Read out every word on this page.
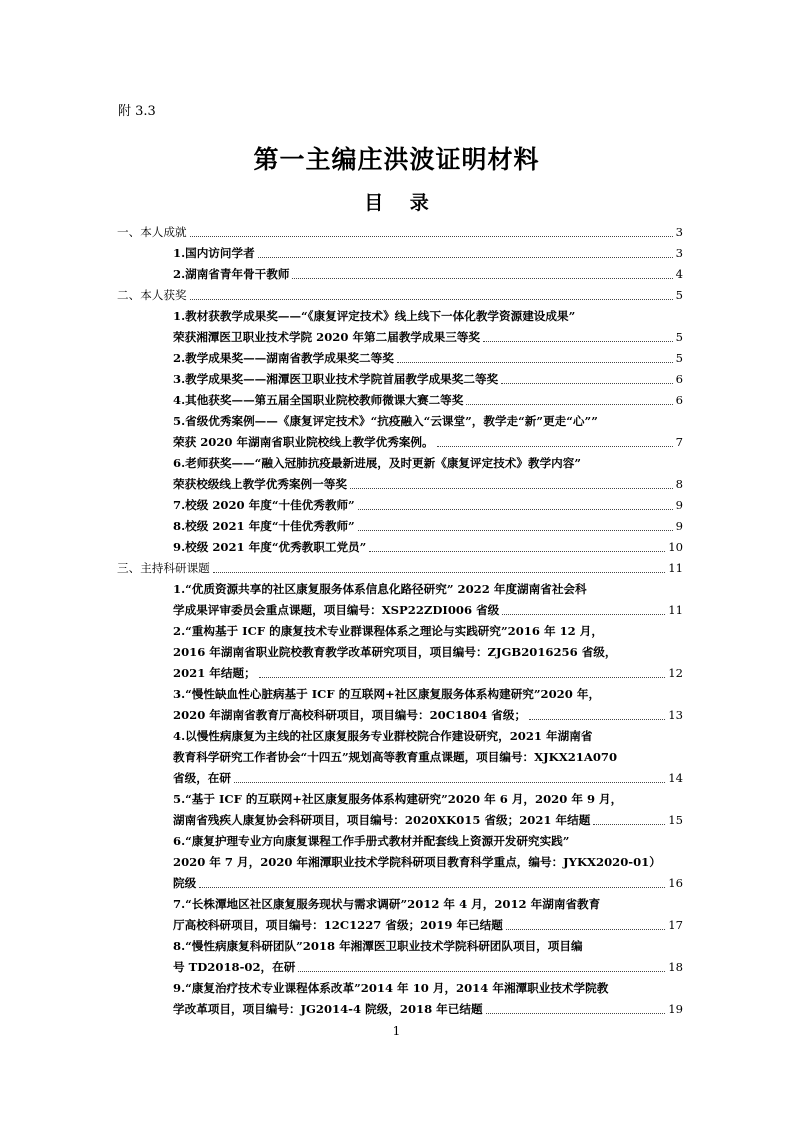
附 3.3
第一主编庄洪波证明材料
目 录
一、本人成就	3
1.国内访问学者	3
2.湖南省青年骨干教师	4
二、本人获奖	5
1.教材获教学成果奖——“《康复评定技术》线上线下一体化教学资源建设成果”
荣获湘潭医卫职业技术学院 2020 年第二届教学成果三等奖	5
2.教学成果奖——湖南省教学成果奖二等奖	5
3.教学成果奖——湘潭医卫职业技术学院首届教学成果奖二等奖	6
4.其他获奖——第五届全国职业院校教师微课大赛二等奖	6
5.省级优秀案例——《康复评定技术》“抗疫融入“云课堂”，教学走“新”更走“心””
荣获 2020 年湖南省职业院校线上教学优秀案例。	7
6.老师获奖——“融入冠肺抗疫最新进展，及时更新《康复评定技术》教学内容”
荣获校级线上教学优秀案例一等奖	8
7.校级 2020 年度“十佳优秀教师”	9
8.校级 2021 年度“十佳优秀教师”	9
9.校级 2021 年度“优秀教职工党员”	10
三、主持科研课题	11
1.“优质资源共享的社区康复服务体系信息化路径研究” 2022 年度湖南省社会科
学成果评审委员会重点课题，项目编号：XSP22ZDI006 省级	11
2.“重构基于 ICF 的康复技术专业群课程体系之理论与实践研究”2016 年 12 月，
2016 年湖南省职业院校教育教学改革研究项目，项目编号：ZJGB2016256 省级，
2021 年结题；	12
3.“慢性缺血性心脏病基于 ICF 的互联网+社区康复服务体系构建研究”2020 年，
2020 年湖南省教育厅高校科研项目，项目编号：20C1804 省级；	13
4.以慢性病康复为主线的社区康复服务专业群校院合作建设研究，2021 年湖南省
教育科学研究工作者协会“十四五”规划高等教育重点课题，项目编号：XJKX21A070
省级，在研	14
5.“基于 ICF 的互联网+社区康复服务体系构建研究”2020 年 6 月，2020 年 9 月，
湖南省残疾人康复协会科研项目，项目编号：2020XK015 省级；2021 年结题	15
6.“康复护理专业方向康复课程工作手册式教材并配套线上资源开发研究实践”
2020 年 7 月，2020 年湘潭职业技术学院科研项目教育科学重点，编号：JYKX2020-01）
院级	16
7.“长株潭地区社区康复服务现状与需求调研”2012 年 4 月，2012 年湖南省教育
厅高校科研项目，项目编号：12C1227 省级；2019 年已结题	17
8.“慢性病康复科研团队”2018 年湘潭医卫职业技术学院科研团队项目，项目编
号 TD2018-02，在研	18
9.“康复治疗技术专业课程体系改革”2014 年 10 月，2014 年湘潭职业技术学院教
学改革项目，项目编号：JG2014-4 院级，2018 年已结题	19
1
